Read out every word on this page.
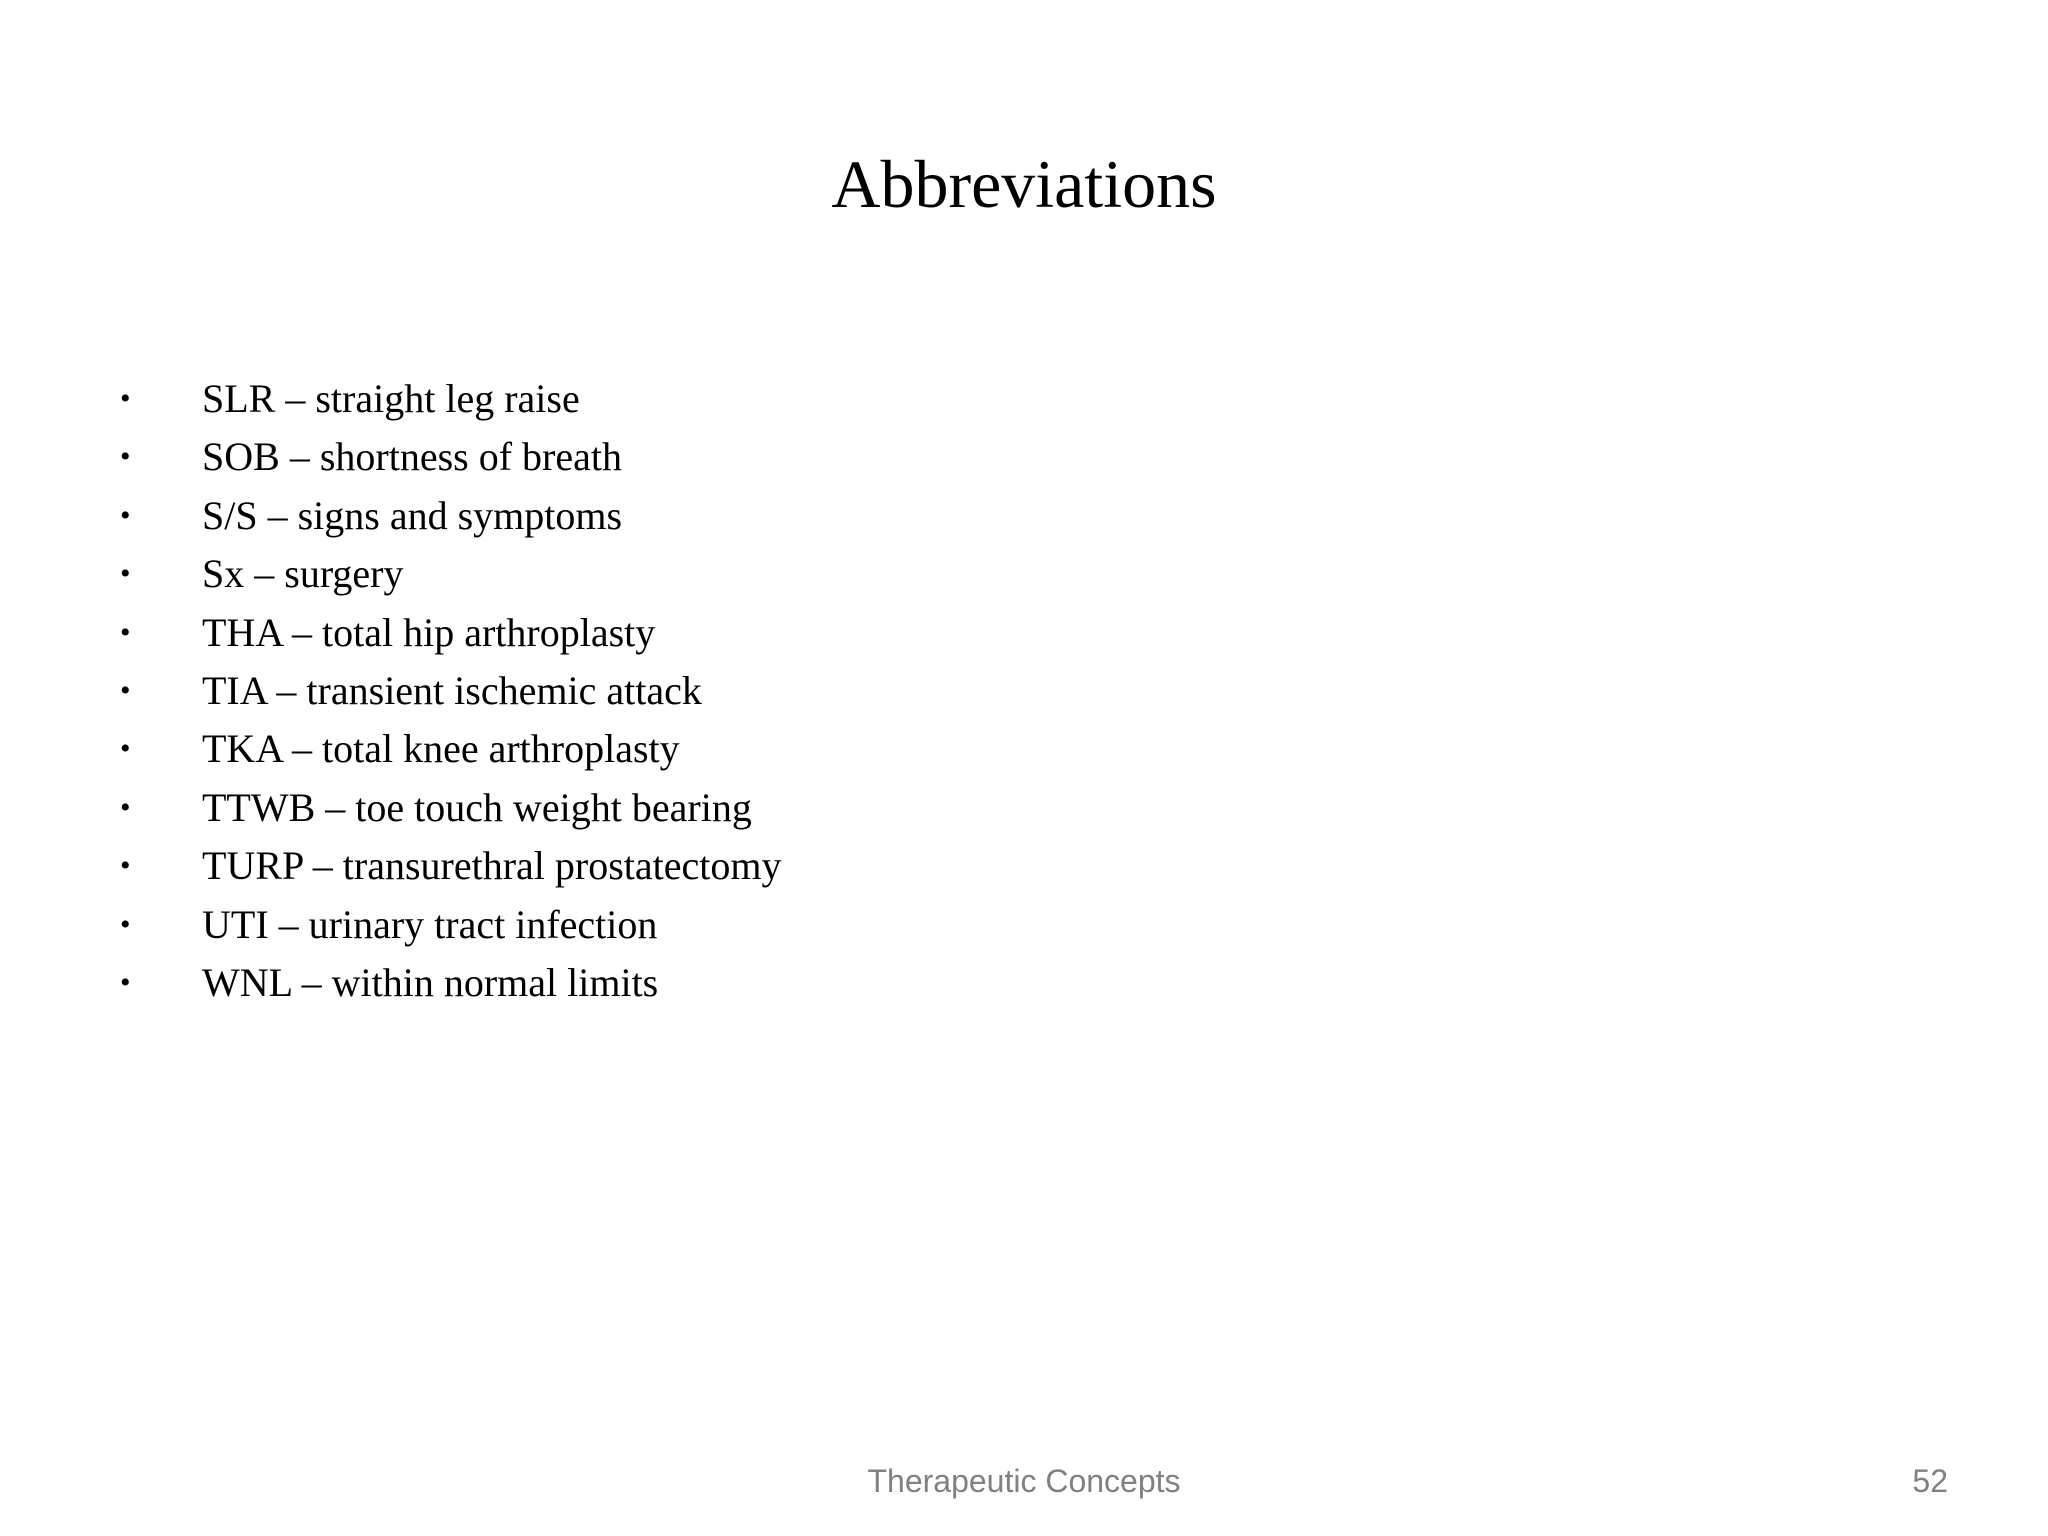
Abbreviations
•	SLR – straight leg raise
•	SOB – shortness of breath
•	S/S – signs and symptoms
•	Sx – surgery
•	THA – total hip arthroplasty
•	TIA – transient ischemic attack
•	TKA – total knee arthroplasty
•	TTWB – toe touch weight bearing
•	TURP – transurethral prostatectomy
•	UTI – urinary tract infection
•	WNL – within normal limits
Therapeutic Concepts	52
